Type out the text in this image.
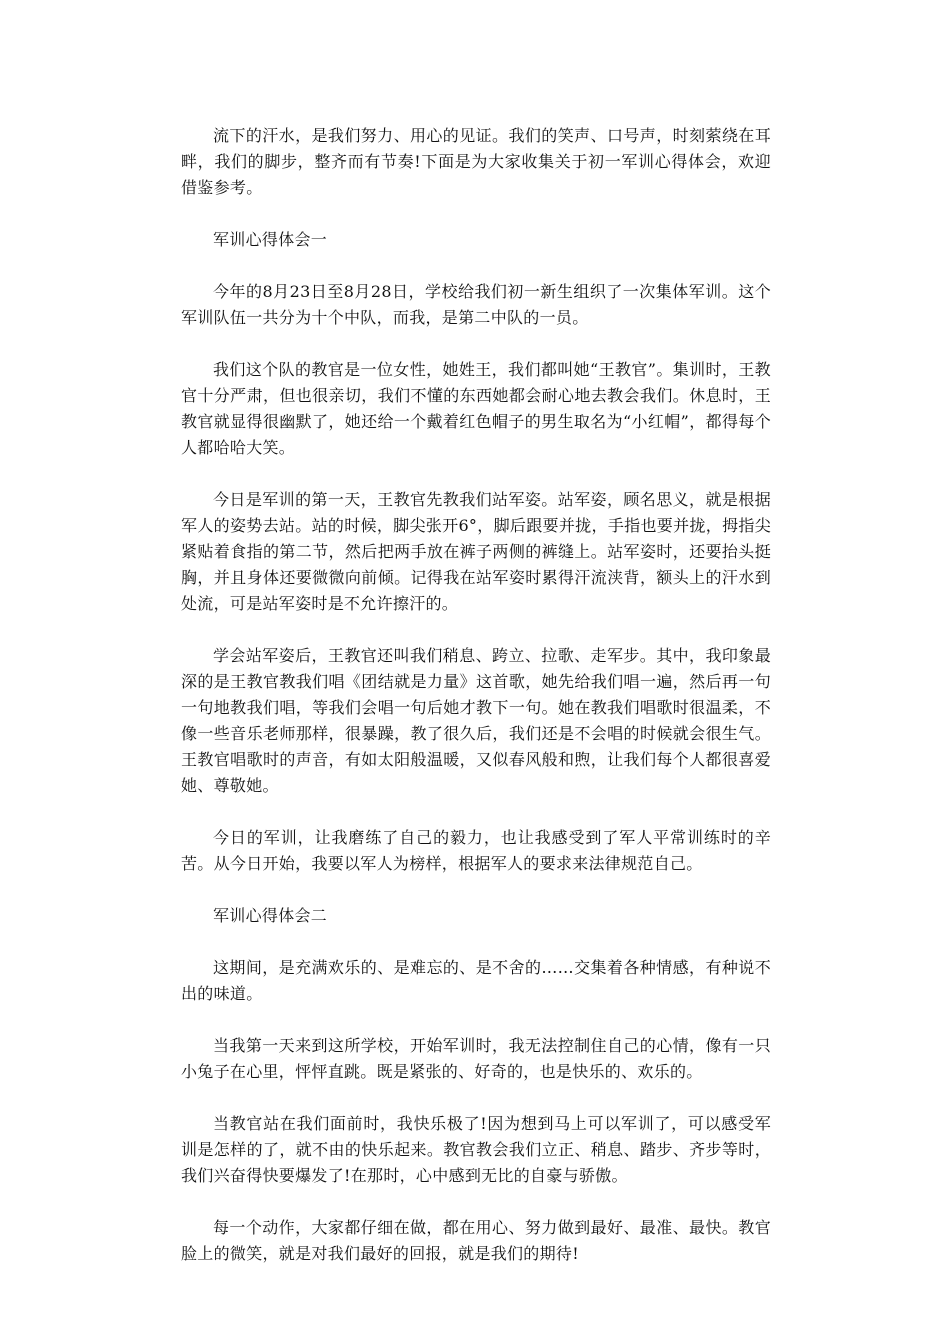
流下的汗水，是我们努力、用心的见证。我们的笑声、口号声，时刻萦绕在耳畔，我们的脚步，整齐而有节奏!下面是为大家收集关于初一军训心得体会，欢迎借鉴参考。

军训心得体会一

今年的8月23日至8月28日，学校给我们初一新生组织了一次集体军训。这个军训队伍一共分为十个中队，而我，是第二中队的一员。

我们这个队的教官是一位女性，她姓王，我们都叫她“王教官”。集训时，王教官十分严肃，但也很亲切，我们不懂的东西她都会耐心地去教会我们。休息时，王教官就显得很幽默了，她还给一个戴着红色帽子的男生取名为“小红帽”，都得每个人都哈哈大笑。

今日是军训的第一天，王教官先教我们站军姿。站军姿，顾名思义，就是根据军人的姿势去站。站的时候，脚尖张开6°，脚后跟要并拢，手指也要并拢，拇指尖紧贴着食指的第二节，然后把两手放在裤子两侧的裤缝上。站军姿时，还要抬头挺胸，并且身体还要微微向前倾。记得我在站军姿时累得汗流浃背，额头上的汗水到处流，可是站军姿时是不允许擦汗的。

学会站军姿后，王教官还叫我们稍息、跨立、拉歌、走军步。其中，我印象最深的是王教官教我们唱《团结就是力量》这首歌，她先给我们唱一遍，然后再一句一句地教我们唱，等我们会唱一句后她才教下一句。她在教我们唱歌时很温柔，不像一些音乐老师那样，很暴躁，教了很久后，我们还是不会唱的时候就会很生气。王教官唱歌时的声音，有如太阳般温暖，又似春风般和煦，让我们每个人都很喜爱她、尊敬她。

今日的军训，让我磨练了自己的毅力，也让我感受到了军人平常训练时的辛苦。从今日开始，我要以军人为榜样，根据军人的要求来法律规范自己。

军训心得体会二

这期间，是充满欢乐的、是难忘的、是不舍的……交集着各种情感，有种说不出的味道。

当我第一天来到这所学校，开始军训时，我无法控制住自己的心情，像有一只小兔子在心里，怦怦直跳。既是紧张的、好奇的，也是快乐的、欢乐的。

当教官站在我们面前时，我快乐极了!因为想到马上可以军训了，可以感受军训是怎样的了，就不由的快乐起来。教官教会我们立正、稍息、踏步、齐步等时，我们兴奋得快要爆发了!在那时，心中感到无比的自豪与骄傲。

每一个动作，大家都仔细在做，都在用心、努力做到最好、最准、最快。教官脸上的微笑，就是对我们最好的回报，就是我们的期待!
